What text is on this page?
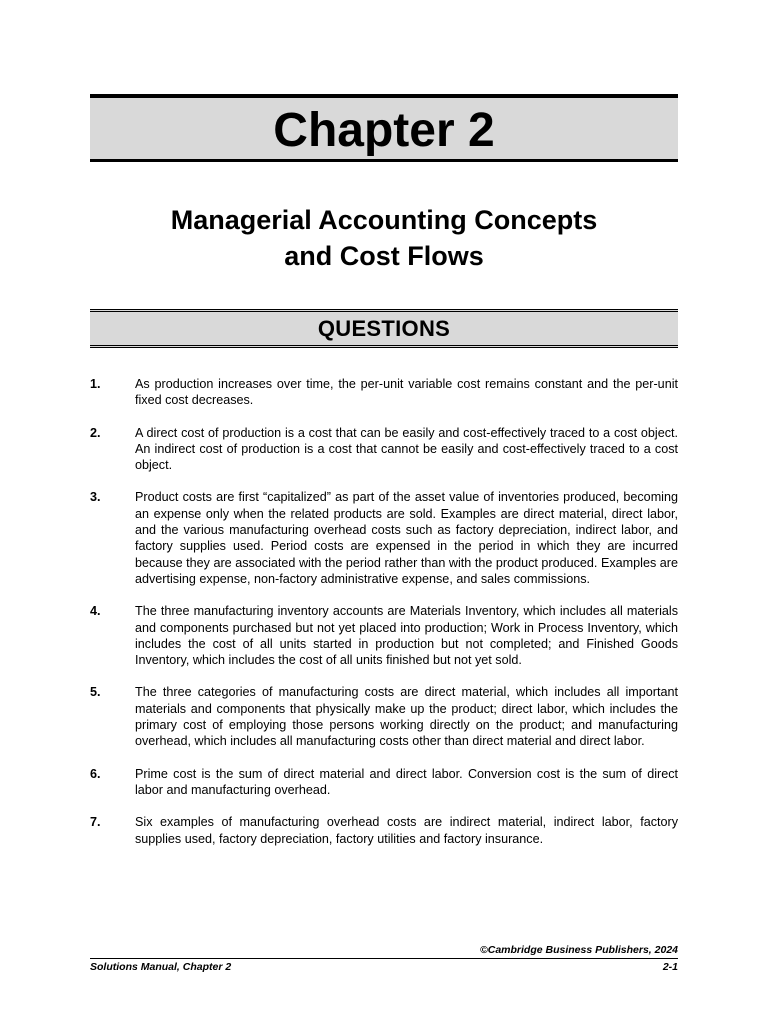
Chapter 2
Managerial Accounting Concepts
and Cost Flows
QUESTIONS
1.	As production increases over time, the per-unit variable cost remains constant and the per-unit fixed cost decreases.
2.	A direct cost of production is a cost that can be easily and cost-effectively traced to a cost object. An indirect cost of production is a cost that cannot be easily and cost-effectively traced to a cost object.
3.	Product costs are first “capitalized” as part of the asset value of inventories produced, becoming an expense only when the related products are sold. Examples are direct material, direct labor, and the various manufacturing overhead costs such as factory depreciation, indirect labor, and factory supplies used. Period costs are expensed in the period in which they are incurred because they are associated with the period rather than with the product produced. Examples are advertising expense, non-factory administrative expense, and sales commissions.
4.	The three manufacturing inventory accounts are Materials Inventory, which includes all materials and components purchased but not yet placed into production; Work in Process Inventory, which includes the cost of all units started in production but not completed; and Finished Goods Inventory, which includes the cost of all units finished but not yet sold.
5.	The three categories of manufacturing costs are direct material, which includes all important materials and components that physically make up the product; direct labor, which includes the primary cost of employing those persons working directly on the product; and manufacturing overhead, which includes all manufacturing costs other than direct material and direct labor.
6.	Prime cost is the sum of direct material and direct labor. Conversion cost is the sum of direct labor and manufacturing overhead.
7.	Six examples of manufacturing overhead costs are indirect material, indirect labor, factory supplies used, factory depreciation, factory utilities and factory insurance.
©Cambridge Business Publishers, 2024
Solutions Manual, Chapter 2	2-1
